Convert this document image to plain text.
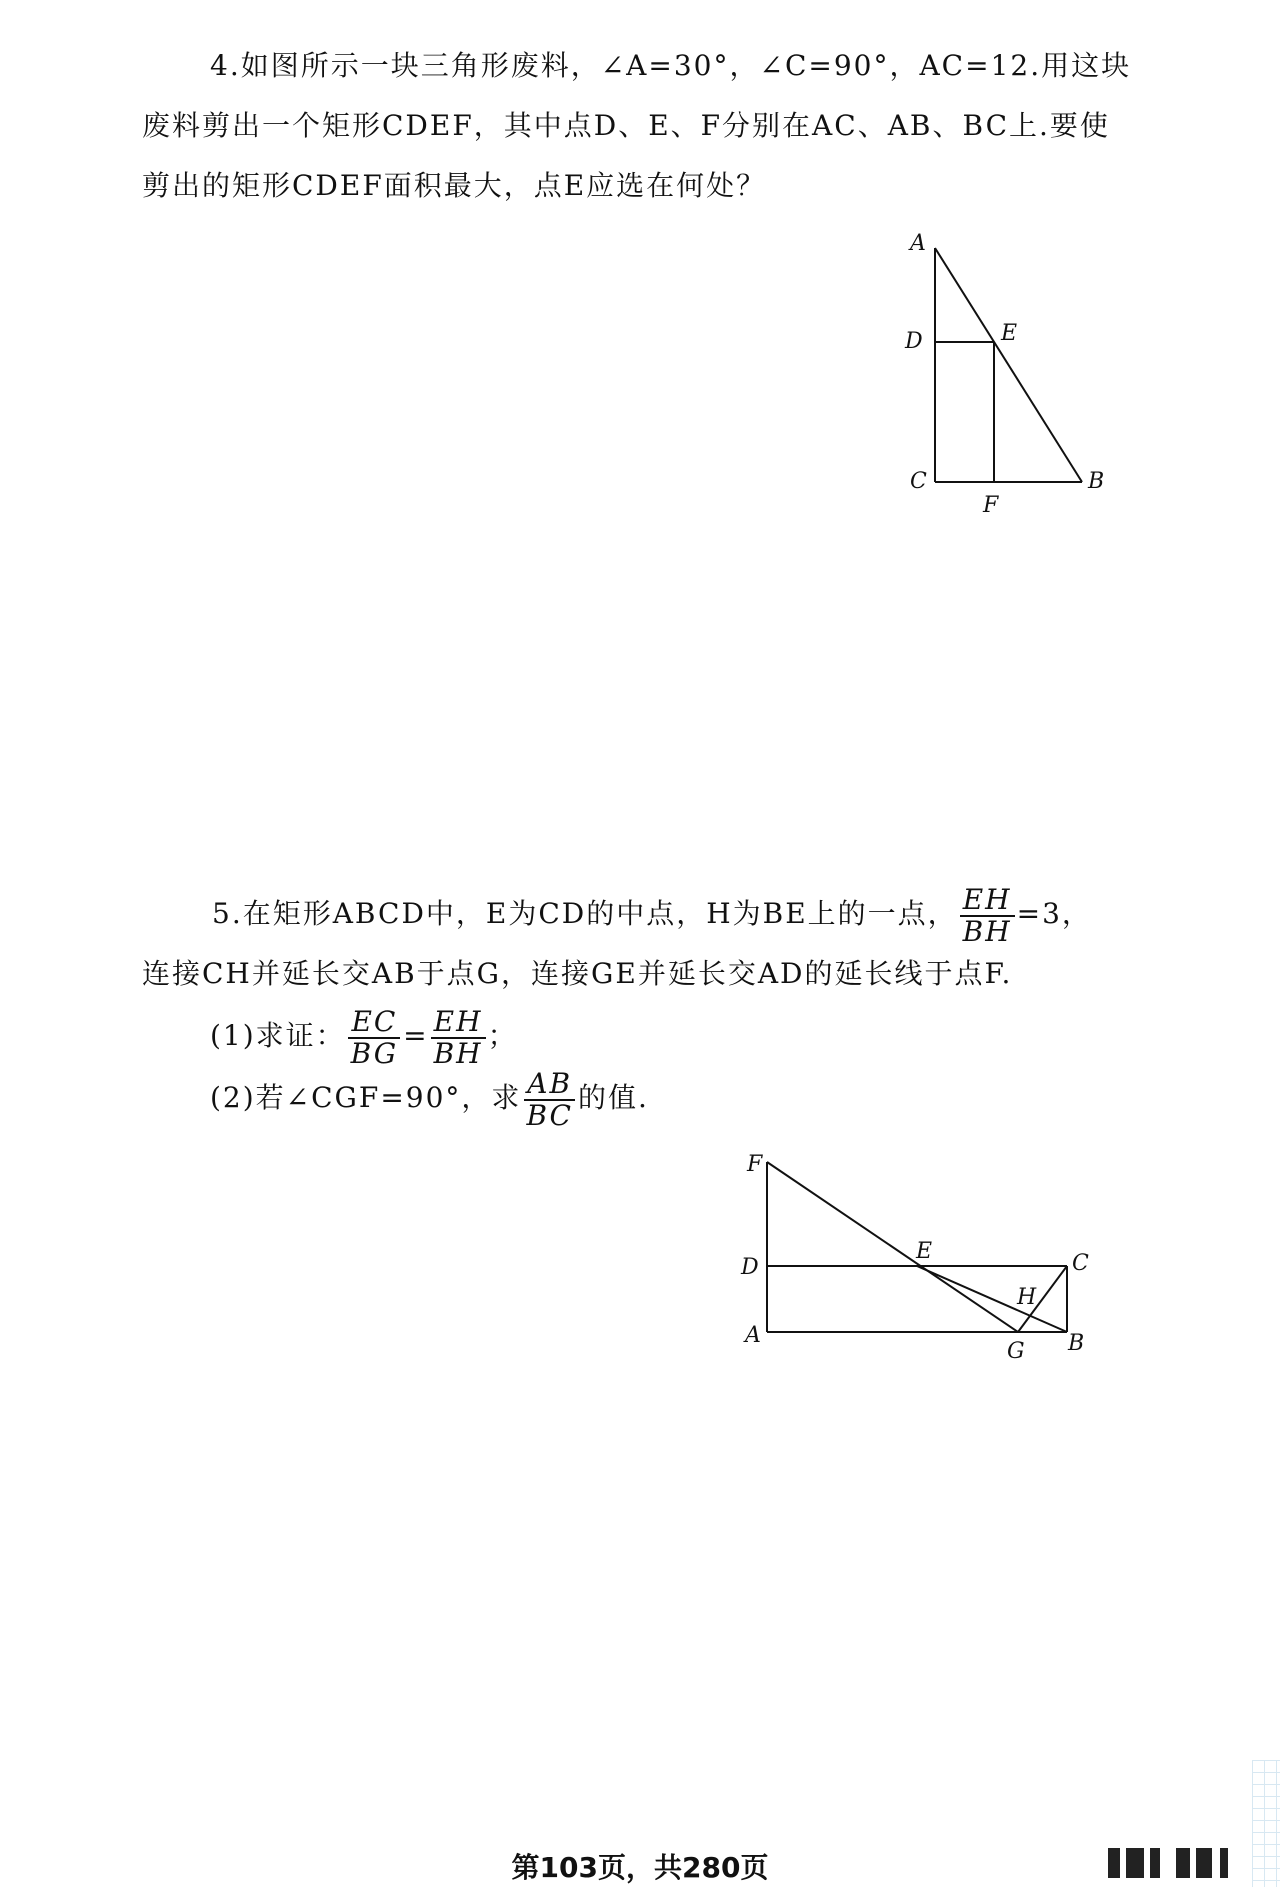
4.如图所示一块三角形废料，∠A=30°，∠C=90°，AC=12.用这块
废料剪出一个矩形CDEF，其中点D、E、F分别在AC、AB、BC上.要使
剪出的矩形CDEF面积最大，点E应选在何处？
A
D	E
C
F
B
5.在矩形ABCD中，E为CD的中点，H为BE上的一点， $\frac{EH}{BH} =3$，
连接CH并延长交AB于点G，连接GE并延长交AD的延长线于点F.
(1)求证： $\frac{EC}{BG} = \frac{EH}{BH}$ ；
(2)若∠CGF=90°，求 $\frac{AB}{BC}$ 的值.
F
D
E	C
H
A
G B
第103页，共280页
